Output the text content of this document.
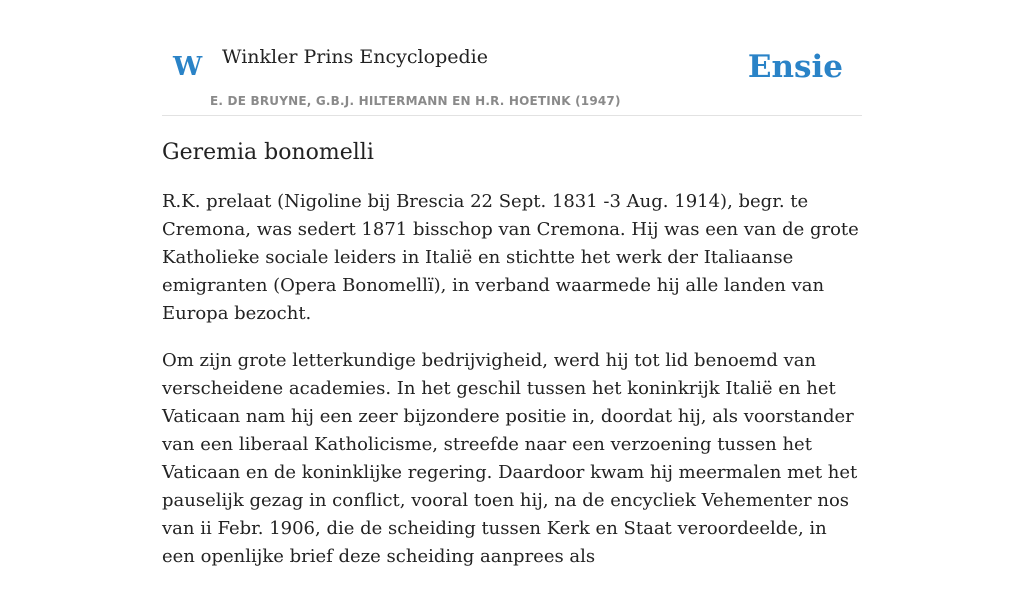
W Winkler Prins Encyclopedie
E. DE BRUYNE, G.B.J. HILTERMANN EN H.R. HOETINK (1947)
Ensie
Geremia bonomelli

R.K. prelaat (Nigoline bij Brescia 22 Sept. 1831 -3 Aug. 1914), begr. te Cremona, was sedert 1871 bisschop van Cremona. Hij was een van de grote Katholieke sociale leiders in Italië en stichtte het werk der Italiaanse emigranten (Opera Bonomellï), in verband waarmede hij alle landen van Europa bezocht.

Om zijn grote letterkundige bedrijvigheid, werd hij tot lid benoemd van verscheidene academies. In het geschil tussen het koninkrijk Italië en het Vaticaan nam hij een zeer bijzondere positie in, doordat hij, als voorstander van een liberaal Katholicisme, streefde naar een verzoening tussen het Vaticaan en de koninklijke regering. Daardoor kwam hij meermalen met het pauselijk gezag in conflict, vooral toen hij, na de encycliek Vehementer nos van ii Febr. 1906, die de scheiding tussen Kerk en Staat veroordeelde, in een openlijke brief deze scheiding aanprees als
